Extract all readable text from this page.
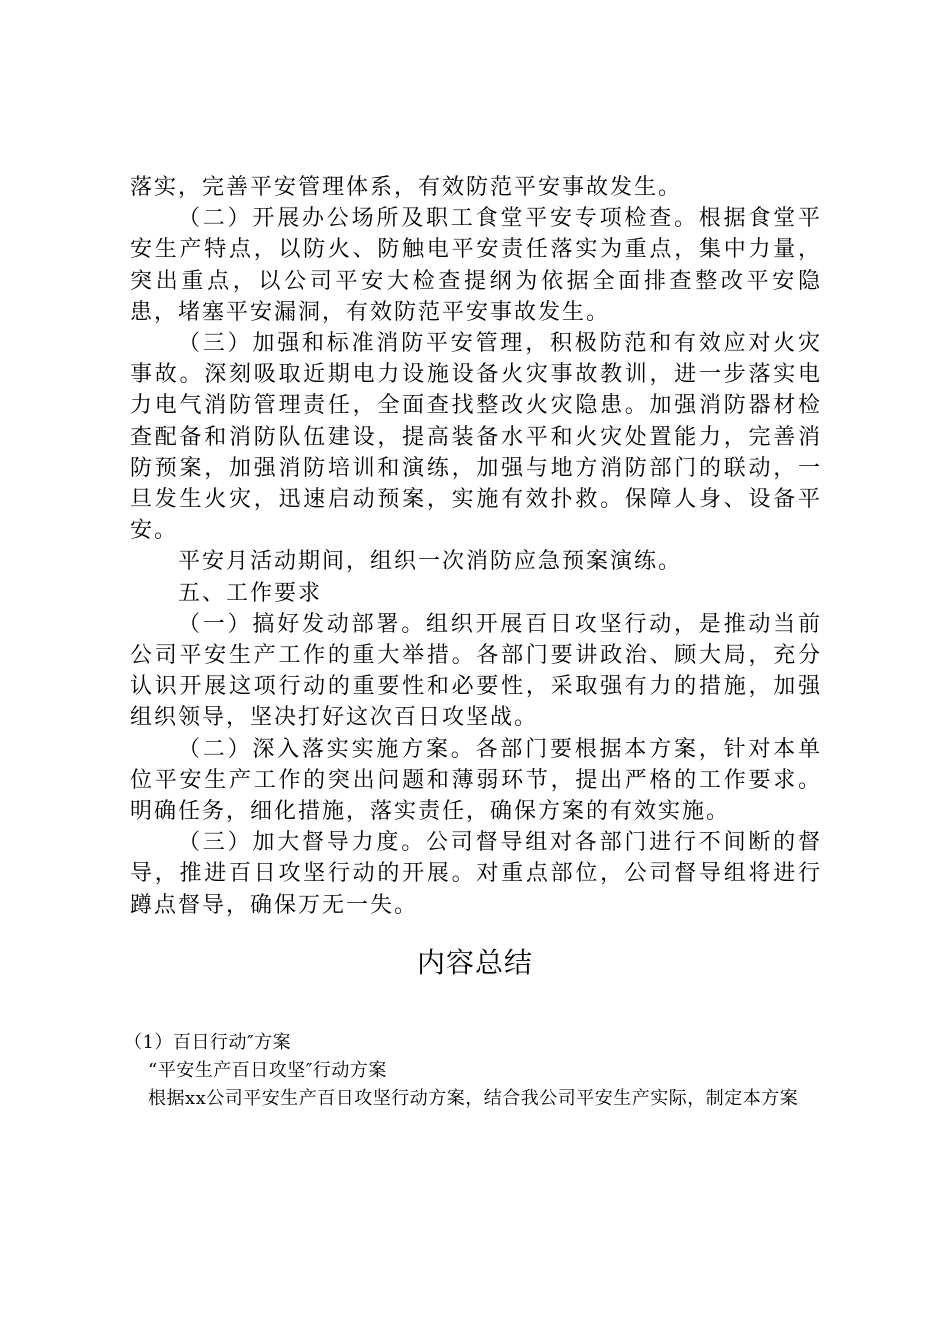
落实，完善平安管理体系，有效防范平安事故发生。

（二）开展办公场所及职工食堂平安专项检查。根据食堂平安生产特点，以防火、防触电平安责任落实为重点，集中力量，突出重点，以公司平安大检查提纲为依据全面排查整改平安隐患，堵塞平安漏洞，有效防范平安事故发生。

（三）加强和标准消防平安管理，积极防范和有效应对火灾事故。深刻吸取近期电力设施设备火灾事故教训，进一步落实电力电气消防管理责任，全面查找整改火灾隐患。加强消防器材检查配备和消防队伍建设，提高装备水平和火灾处置能力，完善消防预案，加强消防培训和演练，加强与地方消防部门的联动，一旦发生火灾，迅速启动预案，实施有效扑救。保障人身、设备平安。

平安月活动期间，组织一次消防应急预案演练。

五、工作要求

（一）搞好发动部署。组织开展百日攻坚行动，是推动当前公司平安生产工作的重大举措。各部门要讲政治、顾大局，充分认识开展这项行动的重要性和必要性，采取强有力的措施，加强组织领导，坚决打好这次百日攻坚战。

（二）深入落实实施方案。各部门要根据本方案，针对本单位平安生产工作的突出问题和薄弱环节，提出严格的工作要求。明确任务，细化措施，落实责任，确保方案的有效实施。

（三）加大督导力度。公司督导组对各部门进行不间断的督导，推进百日攻坚行动的开展。对重点部位，公司督导组将进行蹲点督导，确保万无一失。

内容总结

（1）百日行动″方案

“平安生产百日攻坚″行动方案

根据xx公司平安生产百日攻坚行动方案，结合我公司平安生产实际，制定本方案
